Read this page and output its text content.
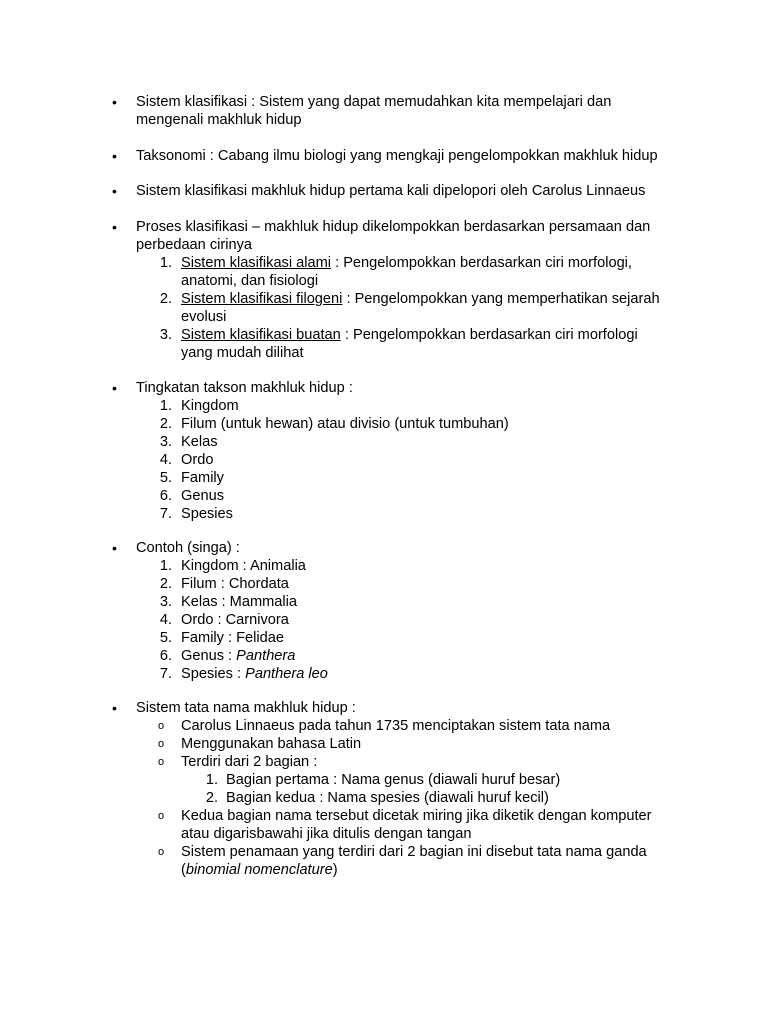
•	Sistem klasifikasi : Sistem yang dapat memudahkan kita mempelajari dan
mengenali makhluk hidup
•	Taksonomi : Cabang ilmu biologi yang mengkaji pengelompokkan makhluk hidup
•	Sistem klasifikasi makhluk hidup pertama kali dipelopori oleh Carolus Linnaeus
•	Proses klasifikasi – makhluk hidup dikelompokkan berdasarkan persamaan dan
perbedaan cirinya
1. Sistem klasifikasi alami : Pengelompokkan berdasarkan ciri morfologi,
anatomi, dan fisiologi
2. Sistem klasifikasi filogeni : Pengelompokkan yang memperhatikan sejarah
evolusi
3. Sistem klasifikasi buatan : Pengelompokkan berdasarkan ciri morfologi
yang mudah dilihat
•	Tingkatan takson makhluk hidup :
1. Kingdom
2. Filum (untuk hewan) atau divisio (untuk tumbuhan)
3. Kelas
4. Ordo
5. Family
6. Genus
7. Spesies
•	Contoh (singa) :
1. Kingdom : Animalia
2. Filum : Chordata
3. Kelas : Mammalia
4. Ordo : Carnivora
5. Family : Felidae
6. Genus : Panthera
7. Spesies : Panthera leo
•	Sistem tata nama makhluk hidup :
o Carolus Linnaeus pada tahun 1735 menciptakan sistem tata nama
o Menggunakan bahasa Latin
o Terdiri dari 2 bagian :
1. Bagian pertama : Nama genus (diawali huruf besar)
2. Bagian kedua : Nama spesies (diawali huruf kecil)
o Kedua bagian nama tersebut dicetak miring jika diketik dengan komputer
atau digarisbawahi jika ditulis dengan tangan
o Sistem penamaan yang terdiri dari 2 bagian ini disebut tata nama ganda
(binomial nomenclature)
